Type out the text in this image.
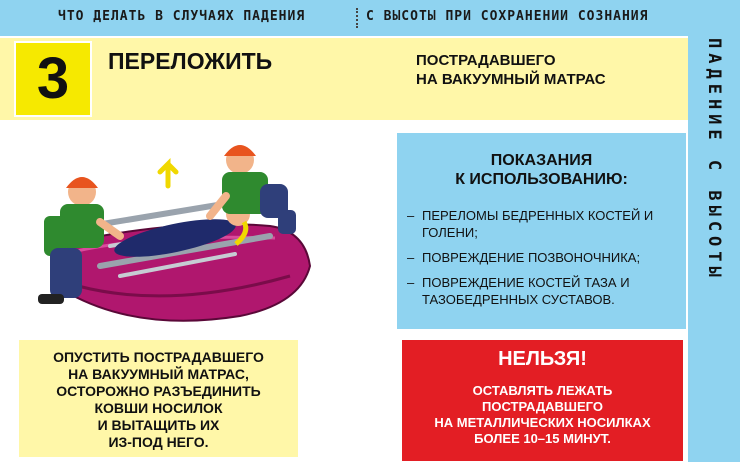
ЧТО ДЕЛАТЬ В СЛУЧАЯХ ПАДЕНИЯ	С ВЫСОТЫ ПРИ СОХРАНЕНИИ СОЗНАНИЯ
ПАДЕНИЕ С ВЫСОТЫ
3 ПЕРЕЛОЖИТЬ	ПОСТРАДАВШЕГО
НА ВАКУУМНЫЙ МАТРАС
ПОКАЗАНИЯ
К ИСПОЛЬЗОВАНИЮ:
– ПЕРЕЛОМЫ БЕДРЕННЫХ КОСТЕЙ И ГОЛЕНИ;
– ПОВРЕЖДЕНИЕ ПОЗВОНОЧНИКА;
– ПОВРЕЖДЕНИЕ КОСТЕЙ ТАЗА И ТАЗОБЕДРЕННЫХ СУСТАВОВ.
ОПУСТИТЬ ПОСТРАДАВШЕГО
НА ВАКУУМНЫЙ МАТРАС,
ОСТОРОЖНО РАЗЪЕДИНИТЬ
КОВШИ НОСИЛОК
И ВЫТАЩИТЬ ИХ
ИЗ-ПОД НЕГО.
НЕЛЬЗЯ!
ОСТАВЛЯТЬ ЛЕЖАТЬ
ПОСТРАДАВШЕГО
НА МЕТАЛЛИЧЕСКИХ НОСИЛКАХ
БОЛЕЕ 10–15 МИНУТ.
